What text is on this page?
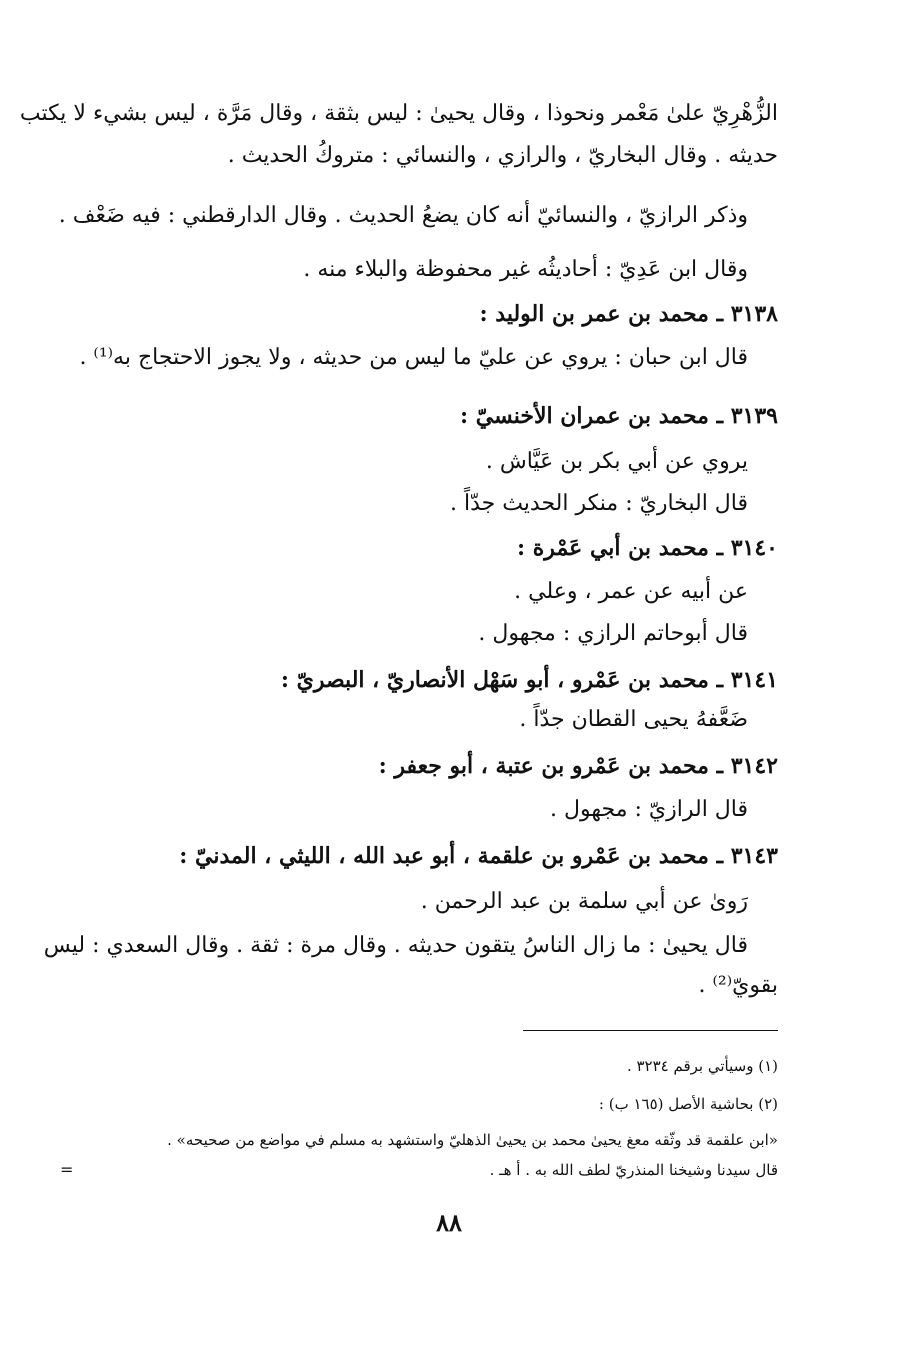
الزُّهْرِيّ علىٰ مَعْمر ونحوذا ، وقال يحيىٰ : ليس بثقة ، وقال مَرَّة ، ليس بشيء لا يكتب
حديثه . وقال البخاريّ ، والرازي ، والنسائي : متروكُ الحديث .
وذكر الرازيّ ، والنسائيّ أنه كان يضعُ الحديث . وقال الدارقطني : فيه ضَعْف .
وقال ابن عَدِيّ : أحاديثُه غير محفوظة والبلاء منه .
٣١٣٨ ـ محمد بن عمر بن الوليد :
قال ابن حبان : يروي عن عليّ ما ليس من حديثه ، ولا يجوز الاحتجاج به⁽¹⁾ .
٣١٣٩ ـ محمد بن عمران الأخنسيّ :
يروي عن أبي بكر بن عَيَّاش .
قال البخاريّ : منكر الحديث جدّاً .
٣١٤٠ ـ محمد بن أبي عَمْرة :
عن أبيه عن عمر ، وعلي .
قال أبوحاتم الرازي : مجهول .
٣١٤١ ـ محمد بن عَمْرو ، أبو سَهْل الأنصاريّ ، البصريّ :
ضَعَّفهُ يحيى القطان جدّاً .
٣١٤٢ ـ محمد بن عَمْرو بن عتبة ، أبو جعفر :
قال الرازيّ : مجهول .
٣١٤٣ ـ محمد بن عَمْرو بن علقمة ، أبو عبد الله ، الليثي ، المدنيّ :
رَوىٰ عن أبي سلمة بن عبد الرحمن .
قال يحيىٰ : ما زال الناسُ يتقون حديثه . وقال مرة : ثقة . وقال السعدي : ليس
بقويّ⁽²⁾ .
(١) وسيأتي برقم ٣٢٣٤ .
(٢) بحاشية الأصل (١٦٥ ب) :
«ابن علقمة قد وثّقه معغ يحيىٰ محمد بن يحيىٰ الذهليّ واستشهد به مسلم في مواضع من صحيحه» .
قال سيدنا وشيخنا المنذريّ لطف الله به . أ هـ .
=
٨٨
